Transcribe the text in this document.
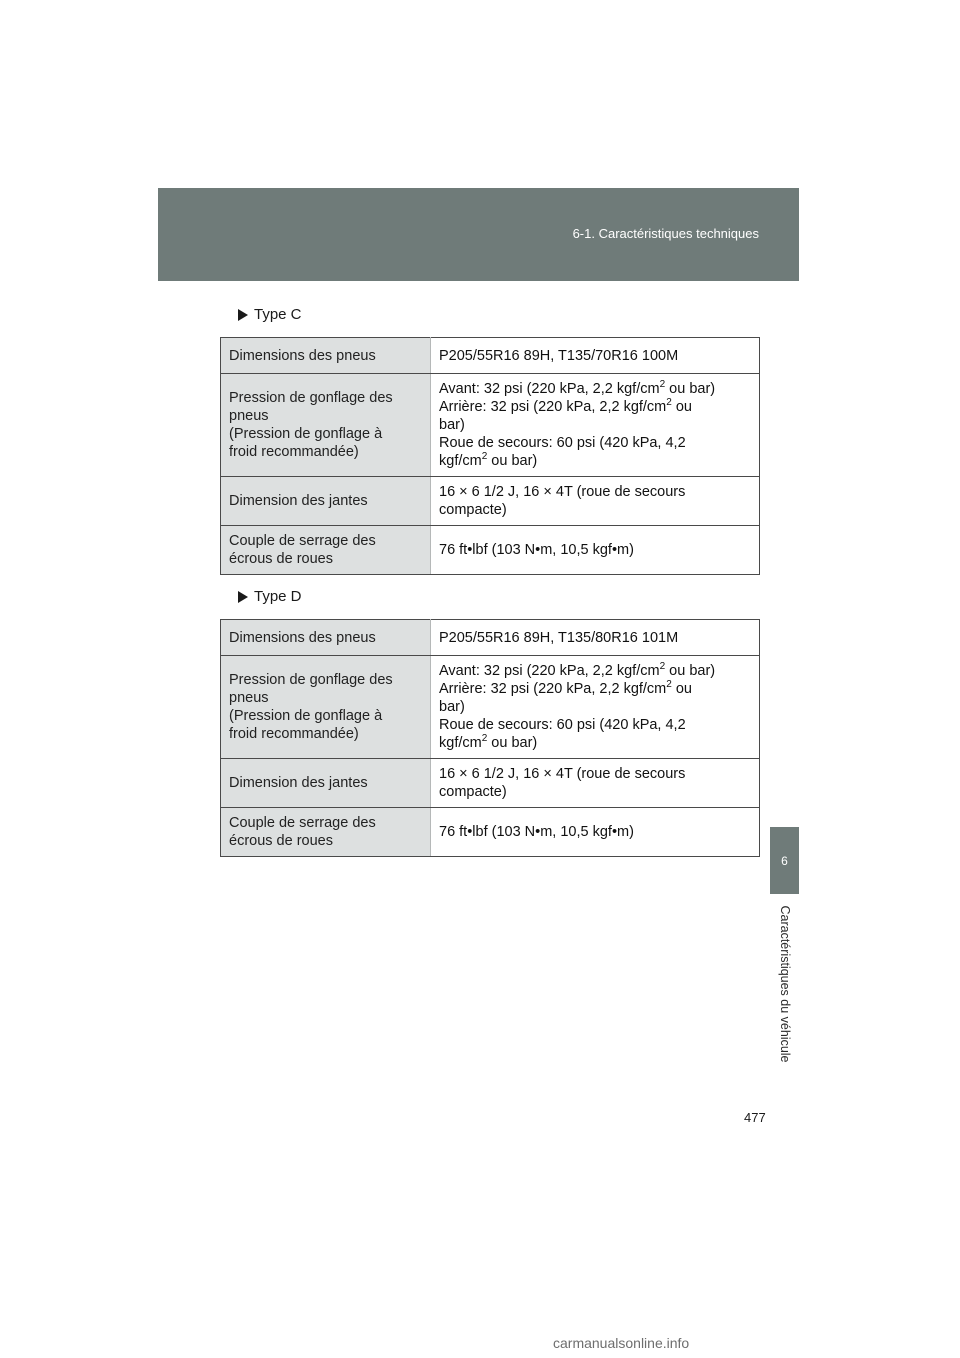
6-1. Caractéristiques techniques
6
Caractéristiques du véhicule
Type C
Dimensions des pneus	P205/55R16 89H, T135/70R16 100M
Pression de gonflage des
pneus
(Pression de gonflage à
froid recommandée)	Avant: 32 psi (220 kPa, 2,2 kgf/$cm^2$ ou bar)
Arrière: 32 psi (220 kPa, 2,2 kgf/$cm^2$ ou
bar)
Roue de secours: 60 psi (420 kPa, 4,2
kgf/$cm^2$ ou bar)
Dimension des jantes	16 × 6 1/2 J, 16 × 4T (roue de secours
compacte)
Couple de serrage des
écrous de roues	76 ft•lbf (103 N•m, 10,5 kgf•m)
Type D
Dimensions des pneus	P205/55R16 89H, T135/80R16 101M
Pression de gonflage des
pneus
(Pression de gonflage à
froid recommandée)	Avant: 32 psi (220 kPa, 2,2 kgf/$cm^2$ ou bar)
Arrière: 32 psi (220 kPa, 2,2 kgf/$cm^2$ ou
bar)
Roue de secours: 60 psi (420 kPa, 4,2
kgf/$cm^2$ ou bar)
Dimension des jantes	16 × 6 1/2 J, 16 × 4T (roue de secours
compacte)
Couple de serrage des
écrous de roues	76 ft•lbf (103 N•m, 10,5 kgf•m)
477
carmanualsonline.info
